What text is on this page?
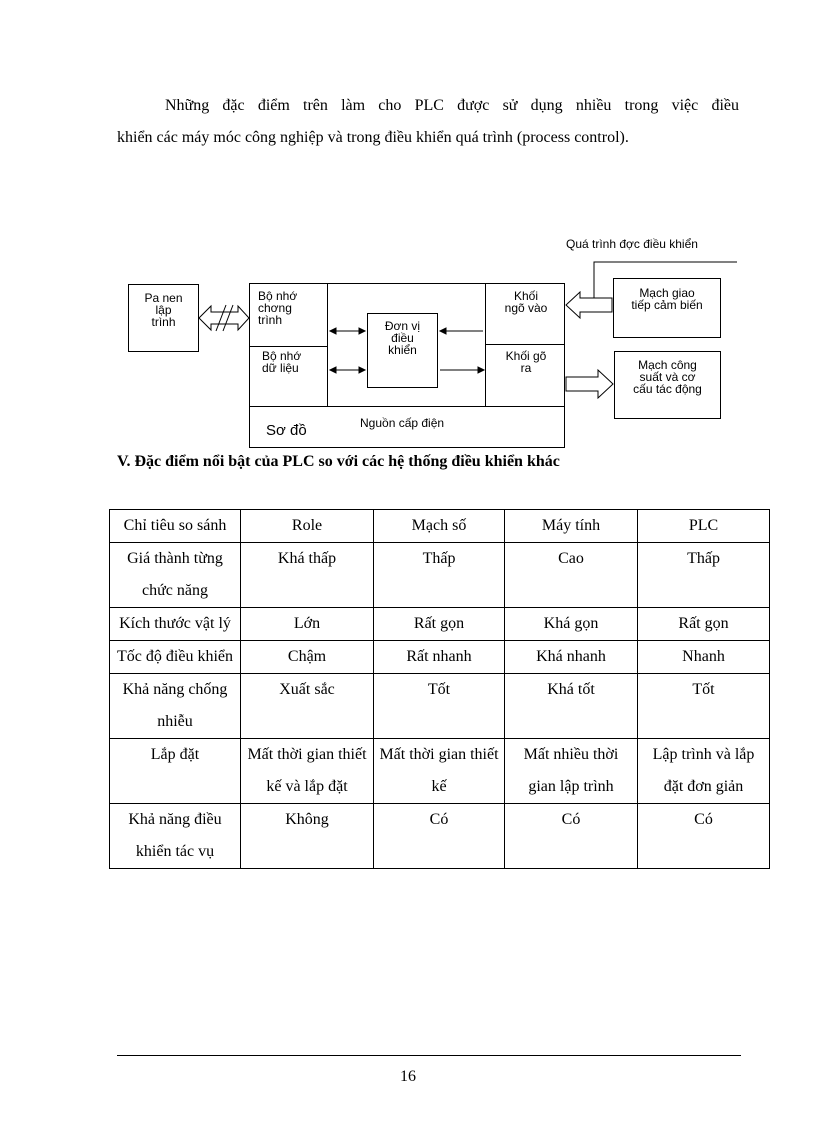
Những đặc điểm trên làm cho PLC được sử dụng nhiều trong việc điều
khiển các máy móc công nghiệp và trong điều khiển quá trình (process control).
Quá trình đợc điều khiển
Pa nen
lập
trình
Bộ nhớ
chơng
trình
Bộ nhớ
dữ liệu
Đơn vị
điều
khiển
Khối
ngõ vào
Khối gõ
ra
Sơ đồ	Nguồn cấp điện
Mạch giao
tiếp cảm biến
Mạch công
suất và cơ
cấu tác động
V. Đặc điểm nổi bật của PLC so với các hệ thống điều khiển khác
Chỉ tiêu so sánh	Role	Mạch số	Máy tính	PLC
Giá thành từng chức năng	Khá thấp	Thấp	Cao	Thấp
Kích thước vật lý	Lớn	Rất gọn	Khá gọn	Rất gọn
Tốc độ điều khiển	Chậm	Rất nhanh	Khá nhanh	Nhanh
Khả năng chống nhiễu	Xuất sắc	Tốt	Khá tốt	Tốt
Lắp đặt	Mất thời gian thiết kế và lắp đặt	Mất thời gian thiết kế	Mất nhiều thời gian lập trình	Lập trình và lắp đặt đơn giản
Khả năng điều khiển tác vụ	Không	Có	Có	Có
16
